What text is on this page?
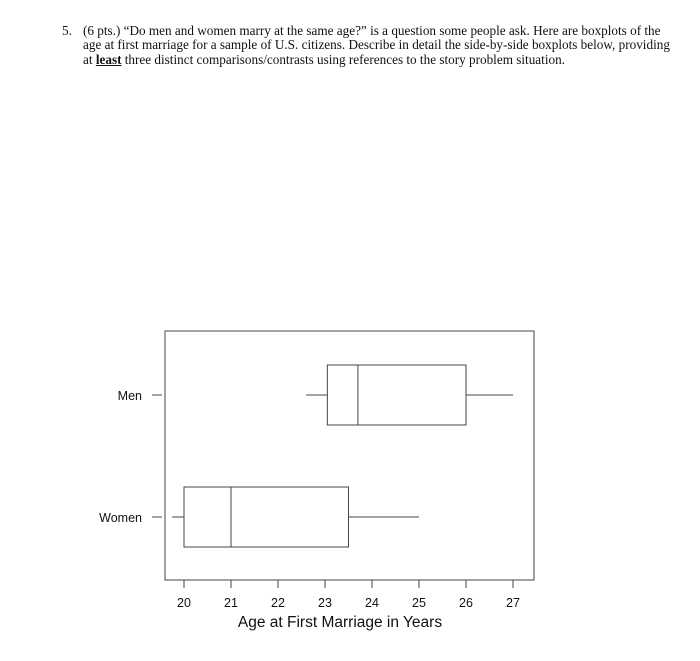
5. (6 pts.) “Do men and women marry at the same age?” is a question some people ask. Here are boxplots of the age at first marriage for a sample of U.S. citizens. Describe in detail the side-by-side boxplots below, providing at least three distinct comparisons/contrasts using references to the story problem situation.
20	21	22	23	24	25	26	27
Men
Women
Age at First Marriage in Years
